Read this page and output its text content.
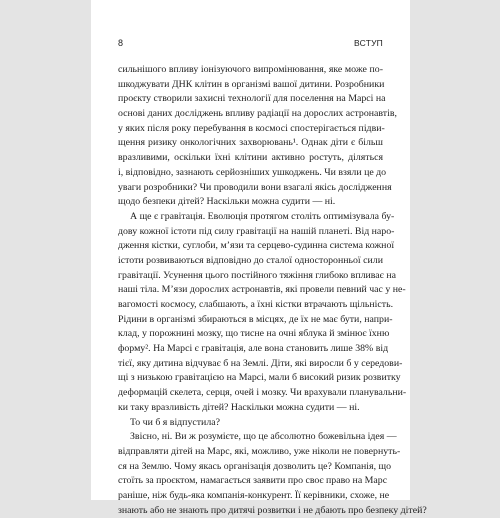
8	ВСТУП
сильнішого впливу іонізуючого випромінювання, яке може по-
шкоджувати ДНК клітин в організмі вашої дитини. Розробники
проєкту створили захисні технології для поселення на Марсі на
основі даних досліджень впливу радіації на дорослих астронавтів,
у яких після року перебування в космосі спостерігається підви-
щення ризику онкологічних захворювань¹. Однак діти є більш
вразливими, оскільки їхні клітини активно ростуть, діляться
і, відповідно, зазнають серйозніших ушкоджень. Чи взяли це до
уваги розробники? Чи проводили вони взагалі якісь дослідження
щодо безпеки дітей? Наскільки можна судити — ні.
А ще є гравітація. Еволюція протягом століть оптимізувала бу-
дову кожної істоти під силу гравітації на нашій планеті. Від наро-
дження кістки, суглоби, м’язи та серцево-судинна система кожної
істоти розвиваються відповідно до сталої односторонньої сили
гравітації. Усунення цього постійного тяжіння глибоко впливає на
наші тіла. М’язи дорослих астронавтів, які провели певний час у не-
вагомості космосу, слабшають, а їхні кістки втрачають щільність.
Рідини в організмі збираються в місцях, де їх не має бути, напри-
клад, у порожнині мозку, що тисне на очні яблука й змінює їхню
форму². На Марсі є гравітація, але вона становить лише 38% від
тієї, яку дитина відчуває б на Землі. Діти, які виросли б у середови-
щі з низькою гравітацією на Марсі, мали б високий ризик розвитку
деформацій скелета, серця, очей і мозку. Чи врахували планувальни-
ки таку вразливість дітей? Наскільки можна судити — ні.
То чи б я відпустила?
Звісно, ні. Ви ж розумієте, що це абсолютно божевільна ідея —
відправляти дітей на Марс, які, можливо, уже ніколи не повернуть-
ся на Землю. Чому якась організація дозволить це? Компанія, що
стоїть за проєктом, намагається заявити про своє право на Марс
раніше, ніж будь-яка компанія-конкурент. Її керівники, схоже, не
знають або не знають про дитячі розвитки і не дбають про безпеку дітей?
